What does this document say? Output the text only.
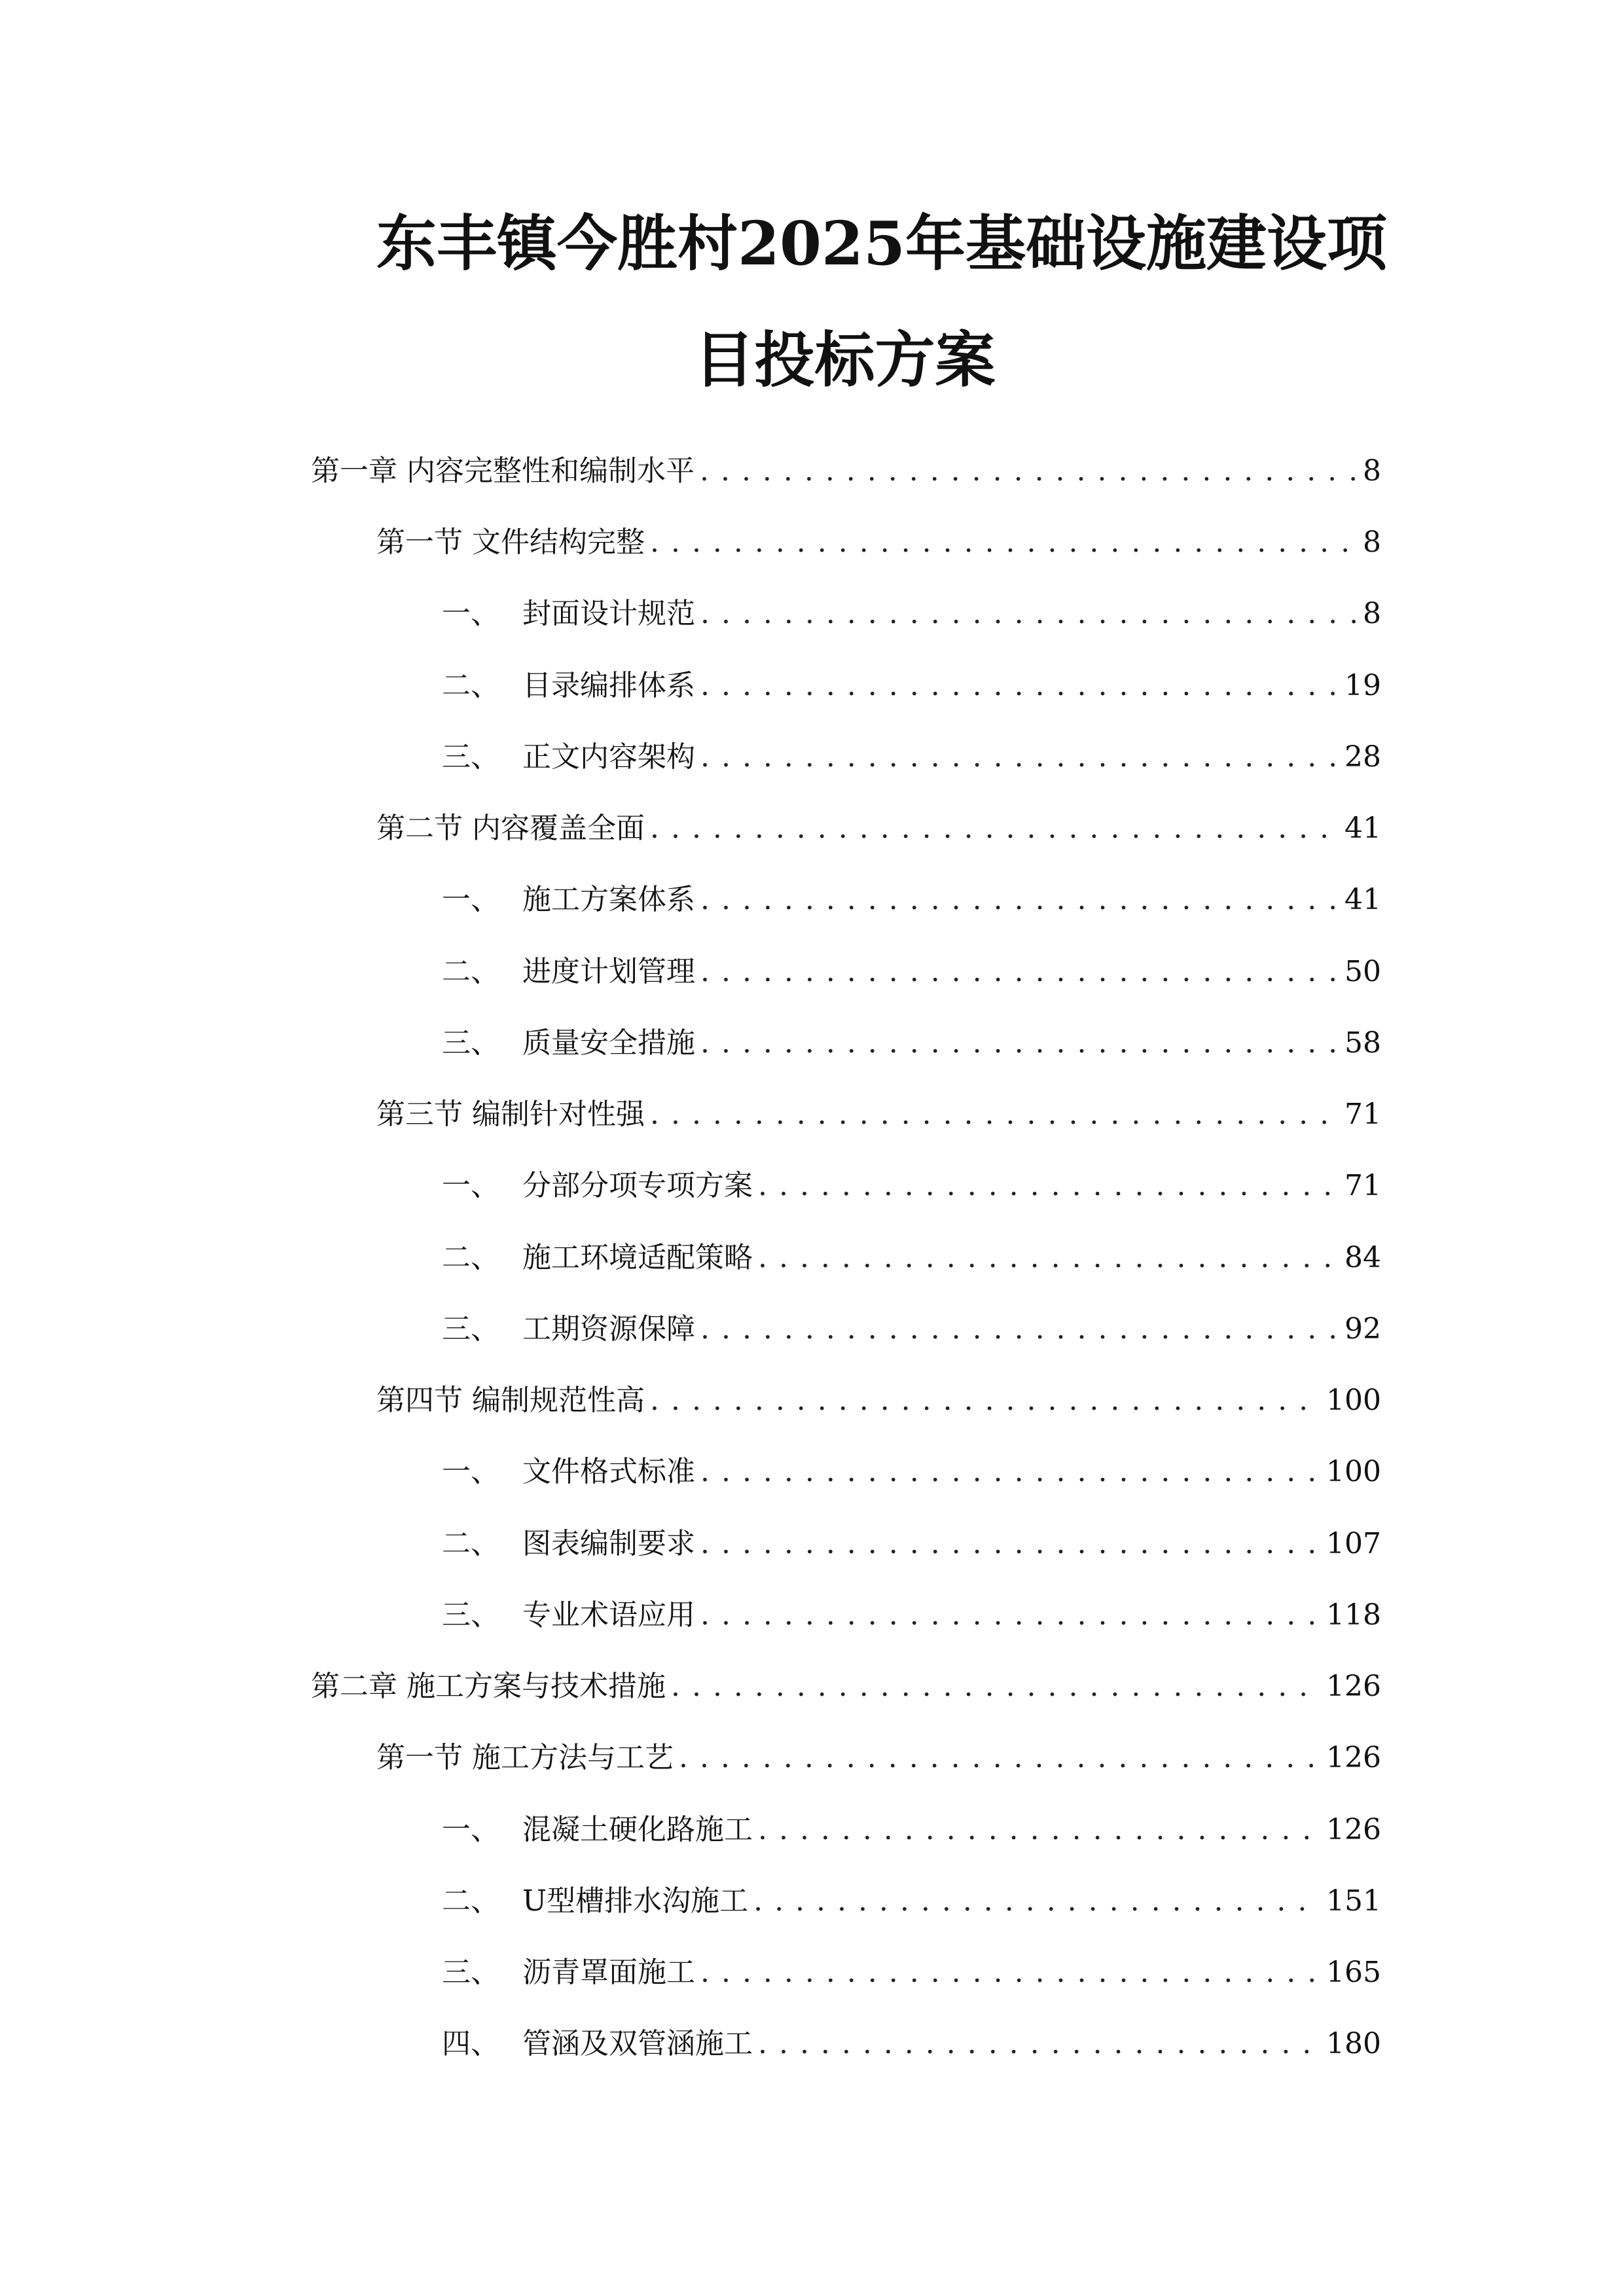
东丰镇今胜村2025年基础设施建设项
目投标方案
第一章 内容完整性和编制水平 . . .	8
第一节 文件结构完整 . . .	8
一、 封面设计规范 . . .	8
二、 目录编排体系 . . .	19
三、 正文内容架构 . . .	28
第二节 内容覆盖全面 . . .	41
一、 施工方案体系 . . .	41
二、 进度计划管理 . . .	50
三、 质量安全措施 . . .	58
第三节 编制针对性强 . . .	71
一、 分部分项专项方案 . . .	71
二、 施工环境适配策略 . . .	84
三、 工期资源保障 . . .	92
第四节 编制规范性高 . . .	100
一、 文件格式标准 . . .	100
二、 图表编制要求 . . .	107
三、 专业术语应用 . . .	118
第二章 施工方案与技术措施 . . .	126
第一节 施工方法与工艺 . . .	126
一、 混凝土硬化路施工 . . .	126
二、 U型槽排水沟施工 . . .	151
三、 沥青罩面施工 . . .	165
四、 管涵及双管涵施工 . . .	180
